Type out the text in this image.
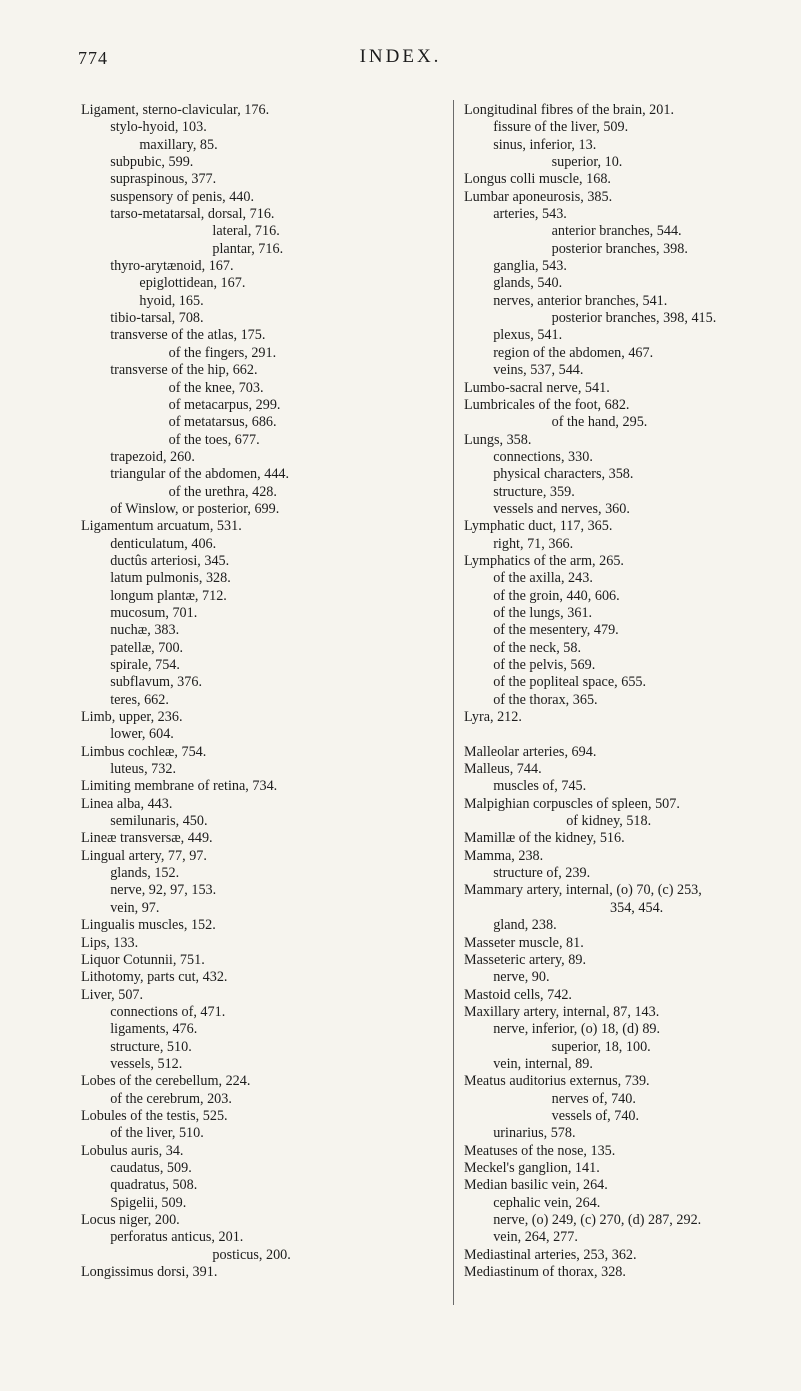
774	INDEX.
Ligament, sterno-clavicular, 176.
stylo-hyoid, 103.
maxillary, 85.
subpubic, 599.
supraspinous, 377.
suspensory of penis, 440.
tarso-metatarsal, dorsal, 716.
lateral, 716.
plantar, 716.
thyro-arytænoid, 167.
epiglottidean, 167.
hyoid, 165.
tibio-tarsal, 708.
transverse of the atlas, 175.
of the fingers, 291.
transverse of the hip, 662.
of the knee, 703.
of metacarpus, 299.
of metatarsus, 686.
of the toes, 677.
trapezoid, 260.
triangular of the abdomen, 444.
of the urethra, 428.
of Winslow, or posterior, 699.
Ligamentum arcuatum, 531.
denticulatum, 406.
ductûs arteriosi, 345.
latum pulmonis, 328.
longum plantæ, 712.
mucosum, 701.
nuchæ, 383.
patellæ, 700.
spirale, 754.
subflavum, 376.
teres, 662.
Limb, upper, 236.
lower, 604.
Limbus cochleæ, 754.
luteus, 732.
Limiting membrane of retina, 734.
Linea alba, 443.
semilunaris, 450.
Lineæ transversæ, 449.
Lingual artery, 77, 97.
glands, 152.
nerve, 92, 97, 153.
vein, 97.
Lingualis muscles, 152.
Lips, 133.
Liquor Cotunnii, 751.
Lithotomy, parts cut, 432.
Liver, 507.
connections of, 471.
ligaments, 476.
structure, 510.
vessels, 512.
Lobes of the cerebellum, 224.
of the cerebrum, 203.
Lobules of the testis, 525.
of the liver, 510.
Lobulus auris, 34.
caudatus, 509.
quadratus, 508.
Spigelii, 509.
Locus niger, 200.
perforatus anticus, 201.
posticus, 200.
Longissimus dorsi, 391.
Longitudinal fibres of the brain, 201.
fissure of the liver, 509.
sinus, inferior, 13.
superior, 10.
Longus colli muscle, 168.
Lumbar aponeurosis, 385.
arteries, 543.
anterior branches, 544.
posterior branches, 398.
ganglia, 543.
glands, 540.
nerves, anterior branches, 541.
posterior branches, 398, 415.
plexus, 541.
region of the abdomen, 467.
veins, 537, 544.
Lumbo-sacral nerve, 541.
Lumbricales of the foot, 682.
of the hand, 295.
Lungs, 358.
connections, 330.
physical characters, 358.
structure, 359.
vessels and nerves, 360.
Lymphatic duct, 117, 365.
right, 71, 366.
Lymphatics of the arm, 265.
of the axilla, 243.
of the groin, 440, 606.
of the lungs, 361.
of the mesentery, 479.
of the neck, 58.
of the pelvis, 569.
of the popliteal space, 655.
of the thorax, 365.
Lyra, 212.
Malleolar arteries, 694.
Malleus, 744.
muscles of, 745.
Malpighian corpuscles of spleen, 507.
of kidney, 518.
Mamillæ of the kidney, 516.
Mamma, 238.
structure of, 239.
Mammary artery, internal, (o) 70, (c) 253,
354, 454.
gland, 238.
Masseter muscle, 81.
Masseteric artery, 89.
nerve, 90.
Mastoid cells, 742.
Maxillary artery, internal, 87, 143.
nerve, inferior, (o) 18, (d) 89.
superior, 18, 100.
vein, internal, 89.
Meatus auditorius externus, 739.
nerves of, 740.
vessels of, 740.
urinarius, 578.
Meatuses of the nose, 135.
Meckel's ganglion, 141.
Median basilic vein, 264.
cephalic vein, 264.
nerve, (o) 249, (c) 270, (d) 287, 292.
vein, 264, 277.
Mediastinal arteries, 253, 362.
Mediastinum of thorax, 328.
